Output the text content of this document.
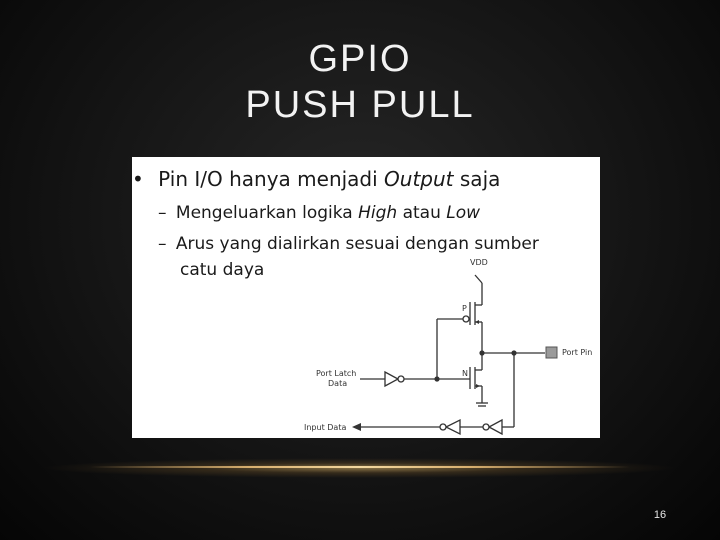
GPIO
PUSH PULL
• Pin I/O hanya menjadi Output saja
– Mengeluarkan logika High atau Low
– Arus yang dialirkan sesuai dengan sumber
catu daya	VDD
P
N
Port Pin
Port Latch
Data
Input Data
16
